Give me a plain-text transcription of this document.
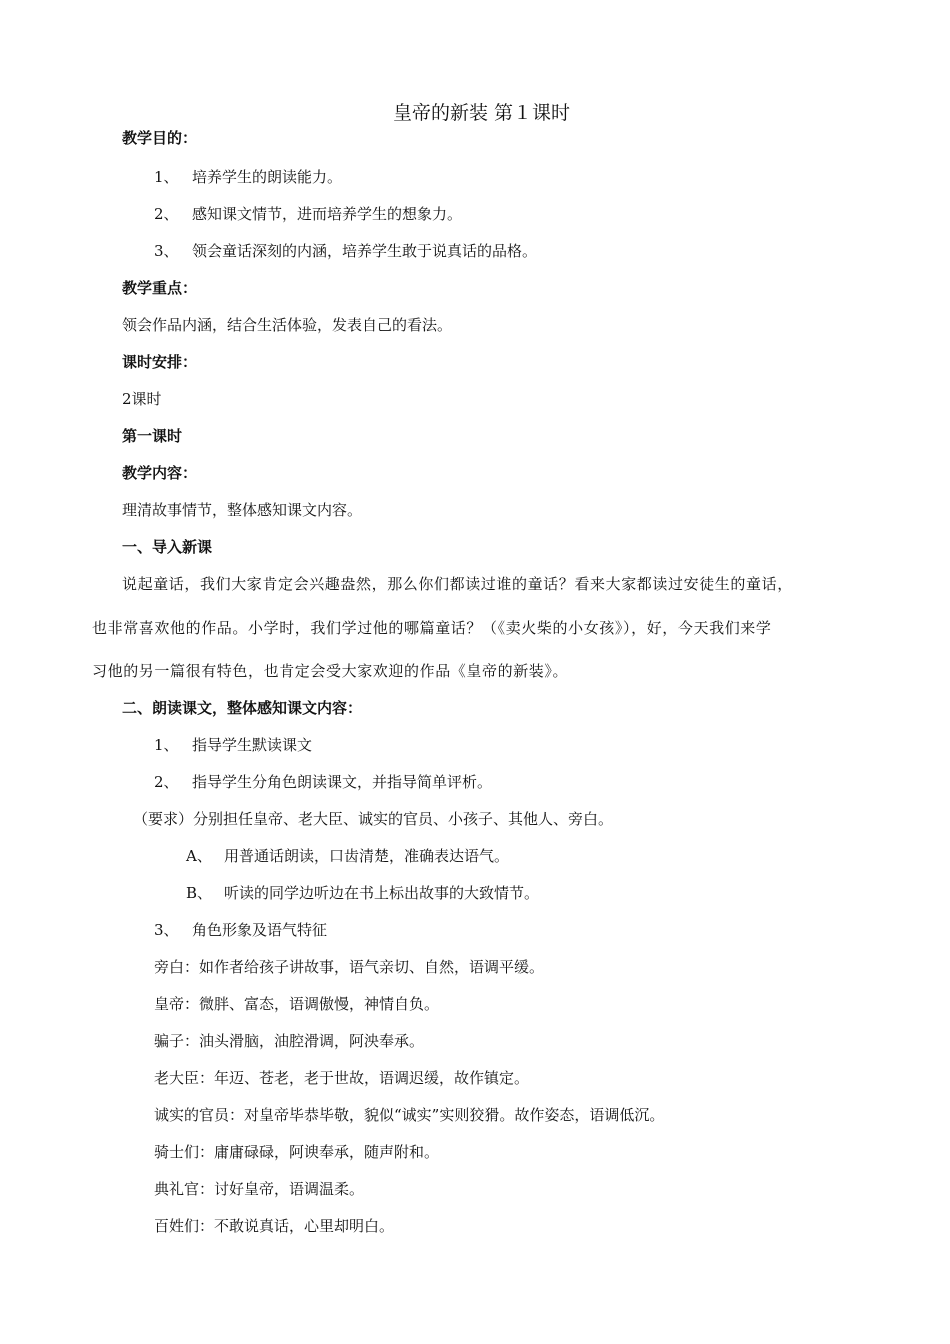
皇帝的新装 第１课时
教学目的：
1、 培养学生的朗读能力。
2、 感知课文情节，进而培养学生的想象力。
3、 领会童话深刻的内涵，培养学生敢于说真话的品格。
教学重点：
领会作品内涵，结合生活体验，发表自己的看法。
课时安排：
2课时
第一课时
教学内容：
理清故事情节，整体感知课文内容。
一、导入新课
说起童话，我们大家肯定会兴趣盎然，那么你们都读过谁的童话？看来大家都读过安徒生的童话，
也非常喜欢他的作品。小学时，我们学过他的哪篇童话？（《卖火柴的小女孩》），好，今天我们来学
习他的另一篇很有特色，也肯定会受大家欢迎的作品《皇帝的新装》。
二、朗读课文，整体感知课文内容：
1、 指导学生默读课文
2、 指导学生分角色朗读课文，并指导简单评析。
（要求）分别担任皇帝、老大臣、诚实的官员、小孩子、其他人、旁白。
A、 用普通话朗读，口齿清楚，准确表达语气。
B、 听读的同学边听边在书上标出故事的大致情节。
3、 角色形象及语气特征
旁白：如作者给孩子讲故事，语气亲切、自然，语调平缓。
皇帝：微胖、富态，语调傲慢，神情自负。
骗子：油头滑脑，油腔滑调，阿泱奉承。
老大臣：年迈、苍老，老于世故，语调迟缓，故作镇定。
诚实的官员：对皇帝毕恭毕敬，貌似“诚实”实则狡猾。故作姿态，语调低沉。
骑士们：庸庸碌碌，阿谀奉承，随声附和。
典礼官：讨好皇帝，语调温柔。
百姓们：不敢说真话，心里却明白。
